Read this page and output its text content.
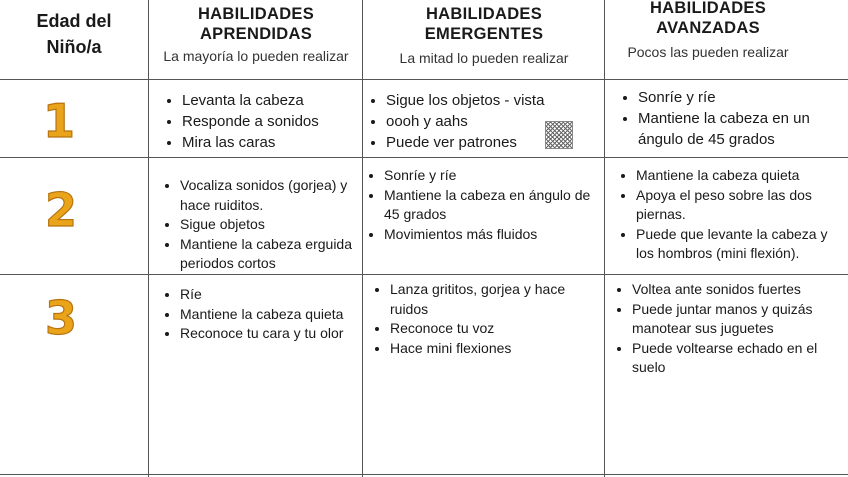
Edad del Niño/a
HABILIDADES APRENDIDAS
La mayoría lo pueden realizar
HABILIDADES EMERGENTES
La mitad lo pueden realizar
HABILIDADES AVANZADAS
Pocos las pueden realizar
1
2
3
• Levanta la cabeza
• Responde a sonidos
• Mira las caras
• Sigue los objetos - vista
• oooh y aahs
• Puede ver patrones
• Sonríe y ríe
• Mantiene la cabeza en un ángulo de 45 grados
• Vocaliza sonidos (gorjea) y hace ruiditos.
• Sigue objetos
• Mantiene la cabeza erguida periodos cortos
• Sonríe y ríe
• Mantiene la cabeza en ángulo de 45 grados
• Movimientos más fluidos
• Mantiene la cabeza quieta
• Apoya el peso sobre las dos piernas.
• Puede que levante la cabeza y los hombros (mini flexión).
• Ríe
• Mantiene la cabeza quieta
• Reconoce tu cara y tu olor
• Lanza grititos, gorjea y hace ruidos
• Reconoce tu voz
• Hace mini flexiones
• Voltea ante sonidos fuertes
• Puede juntar manos y quizás manotear sus juguetes
• Puede voltearse echado en el suelo
